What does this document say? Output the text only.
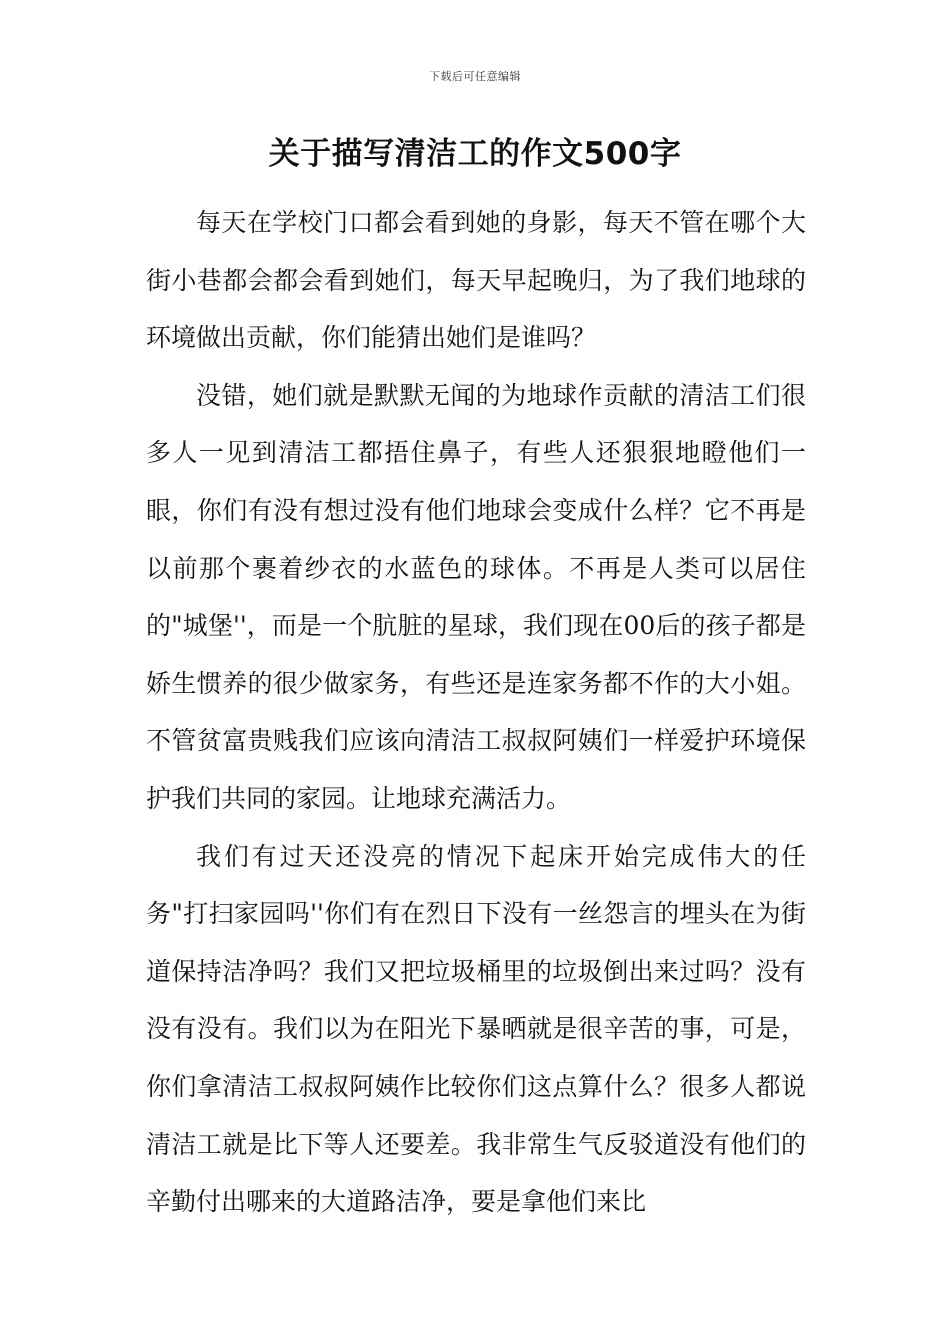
下载后可任意编辑
关于描写清洁工的作文500字

每天在学校门口都会看到她的身影，每天不管在哪个大街小巷都会都会看到她们，每天早起晚归，为了我们地球的环境做出贡献，你们能猜出她们是谁吗？

没错，她们就是默默无闻的为地球作贡献的清洁工们很多人一见到清洁工都捂住鼻子，有些人还狠狠地瞪他们一眼，你们有没有想过没有他们地球会变成什么样？它不再是以前那个裹着纱衣的水蓝色的球体。不再是人类可以居住的"城堡''，而是一个肮脏的星球，我们现在00后的孩子都是娇生惯养的很少做家务，有些还是连家务都不作的大小姐。不管贫富贵贱我们应该向清洁工叔叔阿姨们一样爱护环境保护我们共同的家园。让地球充满活力。

我们有过天还没亮的情况下起床开始完成伟大的任务"打扫家园吗''你们有在烈日下没有一丝怨言的埋头在为街道保持洁净吗？我们又把垃圾桶里的垃圾倒出来过吗？没有没有没有。我们以为在阳光下暴晒就是很辛苦的事，可是，你们拿清洁工叔叔阿姨作比较你们这点算什么？很多人都说清洁工就是比下等人还要差。我非常生气反驳道没有他们的辛勤付出哪来的大道路洁净，要是拿他们来比
